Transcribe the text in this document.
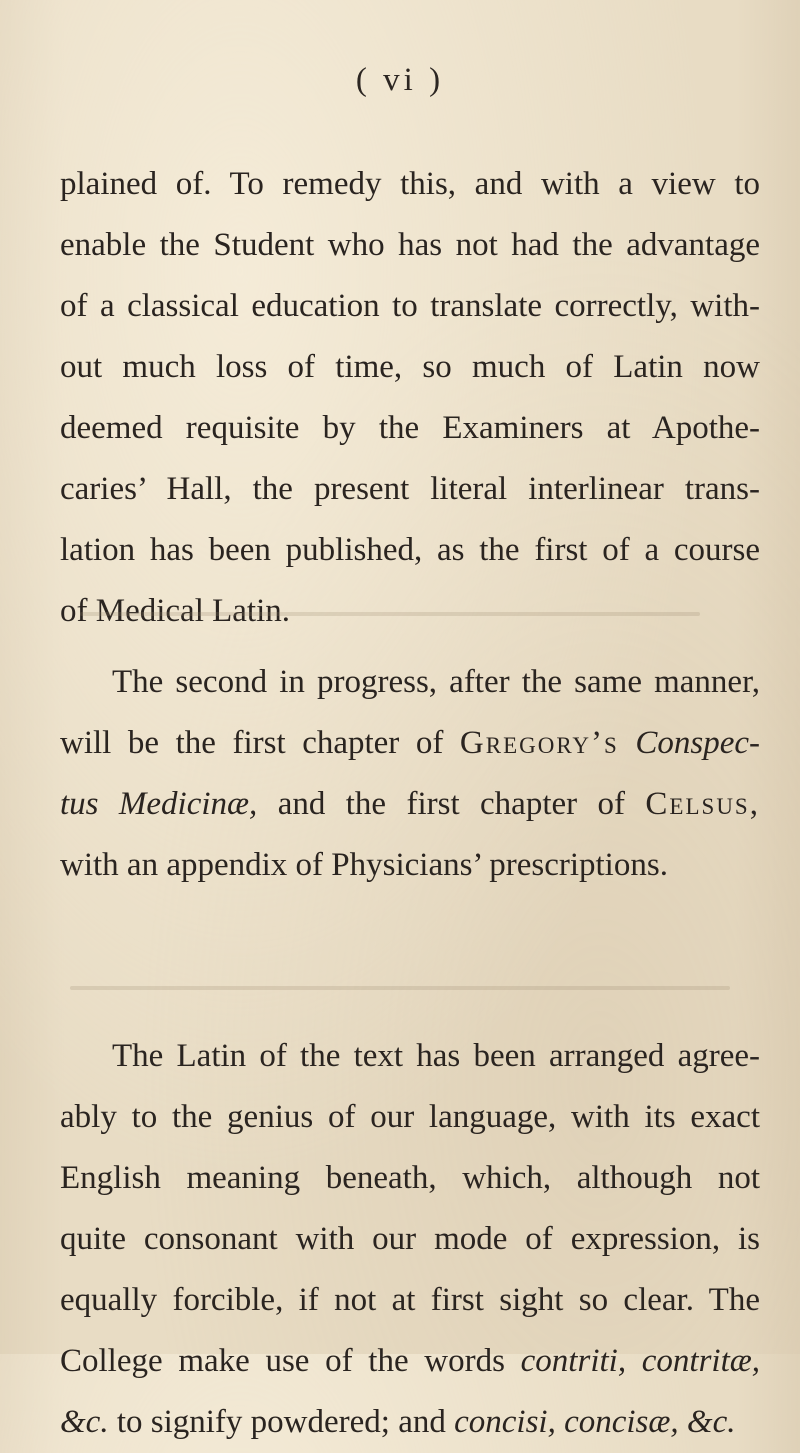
( vi )
plained of. To remedy this, and with a view to
enable the Student who has not had the advantage
of a classical education to translate correctly, with-
out much loss of time, so much of Latin now
deemed requisite by the Examiners at Apothe-
caries’ Hall, the present literal interlinear trans-
lation has been published, as the first of a course
of Medical Latin.
The second in progress, after the same manner,
will be the first chapter of Gregory’s Conspec-
tus Medicinæ, and the first chapter of Celsus,
with an appendix of Physicians’ prescriptions.
The Latin of the text has been arranged agree-
ably to the genius of our language, with its exact
English meaning beneath, which, although not
quite consonant with our mode of expression, is
equally forcible, if not at first sight so clear. The
College make use of the words contriti, contritæ,
&c. to signify powdered; and concisi, concisæ, &c.
